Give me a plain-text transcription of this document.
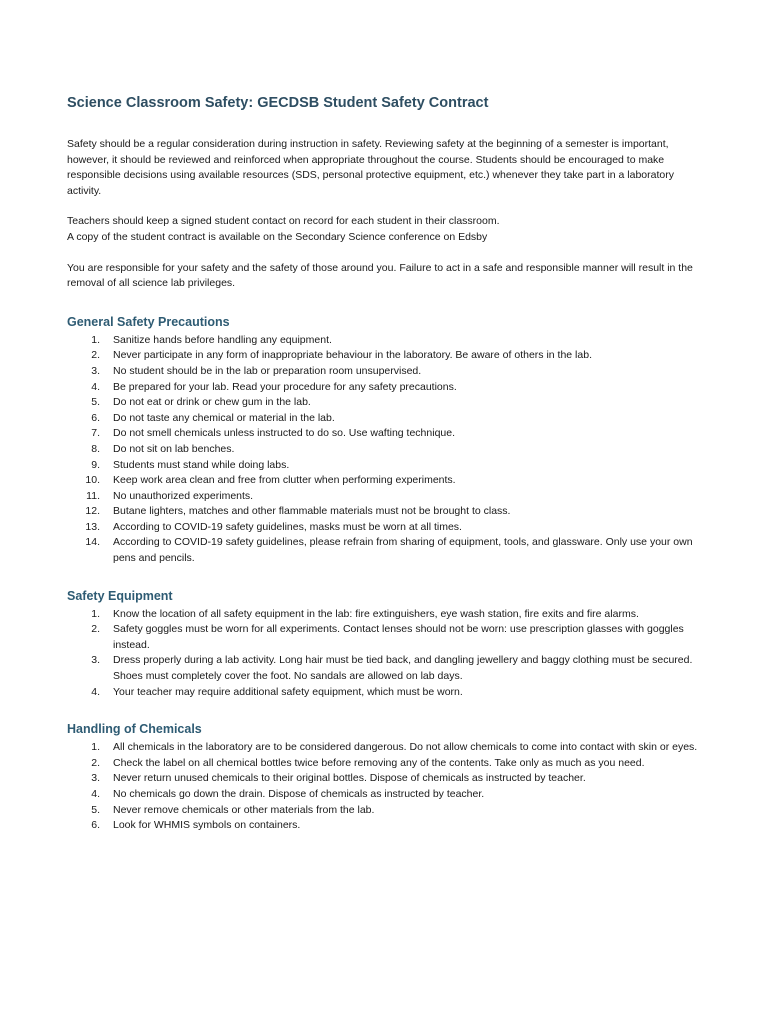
Science Classroom Safety: GECDSB Student Safety Contract

Safety should be a regular consideration during instruction in safety. Reviewing safety at the beginning of a semester is important, however, it should be reviewed and reinforced when appropriate throughout the course. Students should be encouraged to make responsible decisions using available resources (SDS, personal protective equipment, etc.) whenever they take part in a laboratory activity.

Teachers should keep a signed student contact on record for each student in their classroom.
A copy of the student contract is available on the Secondary Science conference on Edsby

You are responsible for your safety and the safety of those around you. Failure to act in a safe and responsible manner will result in the removal of all science lab privileges.

General Safety Precautions
1. Sanitize hands before handling any equipment.
2. Never participate in any form of inappropriate behaviour in the laboratory. Be aware of others in the lab.
3. No student should be in the lab or preparation room unsupervised.
4. Be prepared for your lab. Read your procedure for any safety precautions.
5. Do not eat or drink or chew gum in the lab.
6. Do not taste any chemical or material in the lab.
7. Do not smell chemicals unless instructed to do so. Use wafting technique.
8. Do not sit on lab benches.
9. Students must stand while doing labs.
10. Keep work area clean and free from clutter when performing experiments.
11. No unauthorized experiments.
12. Butane lighters, matches and other flammable materials must not be brought to class.
13. According to COVID-19 safety guidelines, masks must be worn at all times.
14. According to COVID-19 safety guidelines, please refrain from sharing of equipment, tools, and glassware. Only use your own pens and pencils.
Safety Equipment
1. Know the location of all safety equipment in the lab: fire extinguishers, eye wash station, fire exits and fire alarms.
2. Safety goggles must be worn for all experiments. Contact lenses should not be worn: use prescription glasses with goggles instead.
3. Dress properly during a lab activity. Long hair must be tied back, and dangling jewellery and baggy clothing must be secured. Shoes must completely cover the foot. No sandals are allowed on lab days.
4. Your teacher may require additional safety equipment, which must be worn.
Handling of Chemicals
1. All chemicals in the laboratory are to be considered dangerous. Do not allow chemicals to come into contact with skin or eyes.
2. Check the label on all chemical bottles twice before removing any of the contents. Take only as much as you need.
3. Never return unused chemicals to their original bottles. Dispose of chemicals as instructed by teacher.
4. No chemicals go down the drain. Dispose of chemicals as instructed by teacher.
5. Never remove chemicals or other materials from the lab.
6. Look for WHMIS symbols on containers.
